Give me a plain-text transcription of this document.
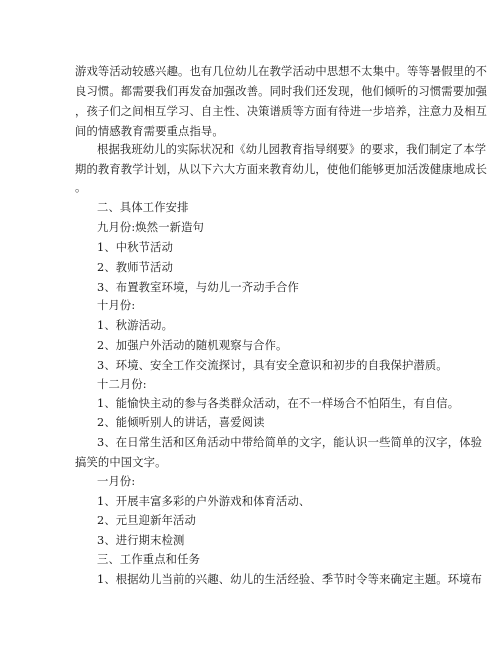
游戏等活动较感兴趣。也有几位幼儿在教学活动中思想不太集中。等等暑假里的不
良习惯。都需要我们再发奋加强改善。同时我们还发现，他们倾听的习惯需要加强
，孩子们之间相互学习、自主性、决策谱质等方面有待进一步培养，注意力及相互
间的情感教育需要重点指导。
根据我班幼儿的实际状况和《幼儿园教育指导纲要》的要求，我们制定了本学
期的教育教学计划，从以下六大方面来教育幼儿，使他们能够更加活泼健康地成长
。
二、具体工作安排
九月份:焕然一新造句
1、中秋节活动
2、教师节活动
3、布置教室环境，与幼儿一齐动手合作
十月份:
1、秋游活动。
2、加强户外活动的随机观察与合作。
3、环境、安全工作交流探讨，具有安全意识和初步的自我保护潜质。
十二月份:
1、能愉快主动的参与各类群众活动，在不一样场合不怕陌生，有自信。
2、能倾听别人的讲话，喜爱阅读
3、在日常生活和区角活动中带给简单的文字，能认识一些简单的汉字，体验
搞笑的中国文字。
一月份:
1、开展丰富多彩的户外游戏和体育活动、
2、元旦迎新年活动
3、进行期末检测
三、工作重点和任务
1、根据幼儿当前的兴趣、幼儿的生活经验、季节时令等来确定主题。环境布
